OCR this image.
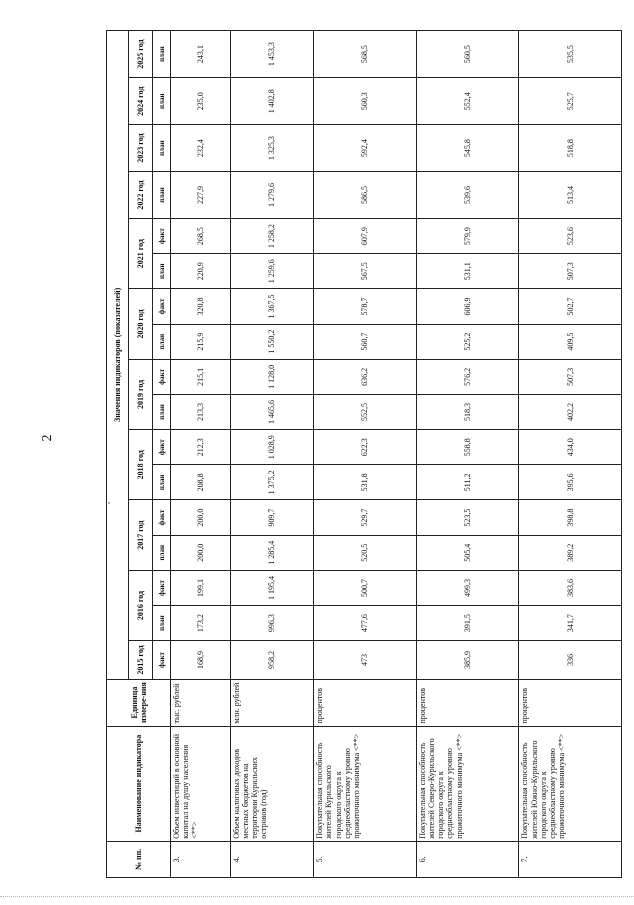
2
№ пп.	Наименование индикатора	Единица измере-ния	Значения индикаторов (показателей)																
			2015 год	2016 год		2017 год		2018 год		2019 год		2020 год		2021 год		2022 год	2023 год	2024 год	2025 год
			факт	план	факт	план	факт	план	факт	план	факт	план	факт	план	факт	план	план	план	план
3.	Объем инвестиций в основной капитал на душу населения <**>	тыс. рублей	168,9	173,2	199,1	200,0	200,0	208,8	212,3	213,3	215,1	215,9	320,8	220,9	268,5	227,9	232,4	235,0	243,1
4.	Объем налоговых доходов местных бюджетов на территории Курильских островов (год)	млн. рублей	958,2	996,3	1 195,4	1 285,4	909,7	1 375,2	1 028,9	1 465,6	1 128,0	1 550,2	1 367,5	1 259,6	1 258,2	1 279,6	1 325,3	1 402,8	1 453,3
5.	Покупательная способность жителей Курильского городского округа к среднеобластному уровню прожиточного минимума <**>	процентов	473	477,6	500,7	520,5	529,7	531,8	622,3	552,5	636,2	560,7	578,7	567,5	607,9	586,5	592,4	560,3	568,5
6.	Покупательная способность жителей Северо-Курильского городского округа к среднеобластному уровню прожиточного минимума <**>	процентов	385,9	391,5	499,3	505,4	523,5	511,2	558,8	518,3	576,2	525,2	606,9	531,1	579,9	539,6	545,8	552,4	560,5
7.	Покупательная способность жителей Южно-Курильского городского округа к среднеобластному уровню прожиточного минимума <**>	процентов	336	341,7	383,6	389,2	398,8	395,6	434,0	402,2	507,3	409,5	502,7	507,3	523,6	513,4	518,8	525,7	535,5
